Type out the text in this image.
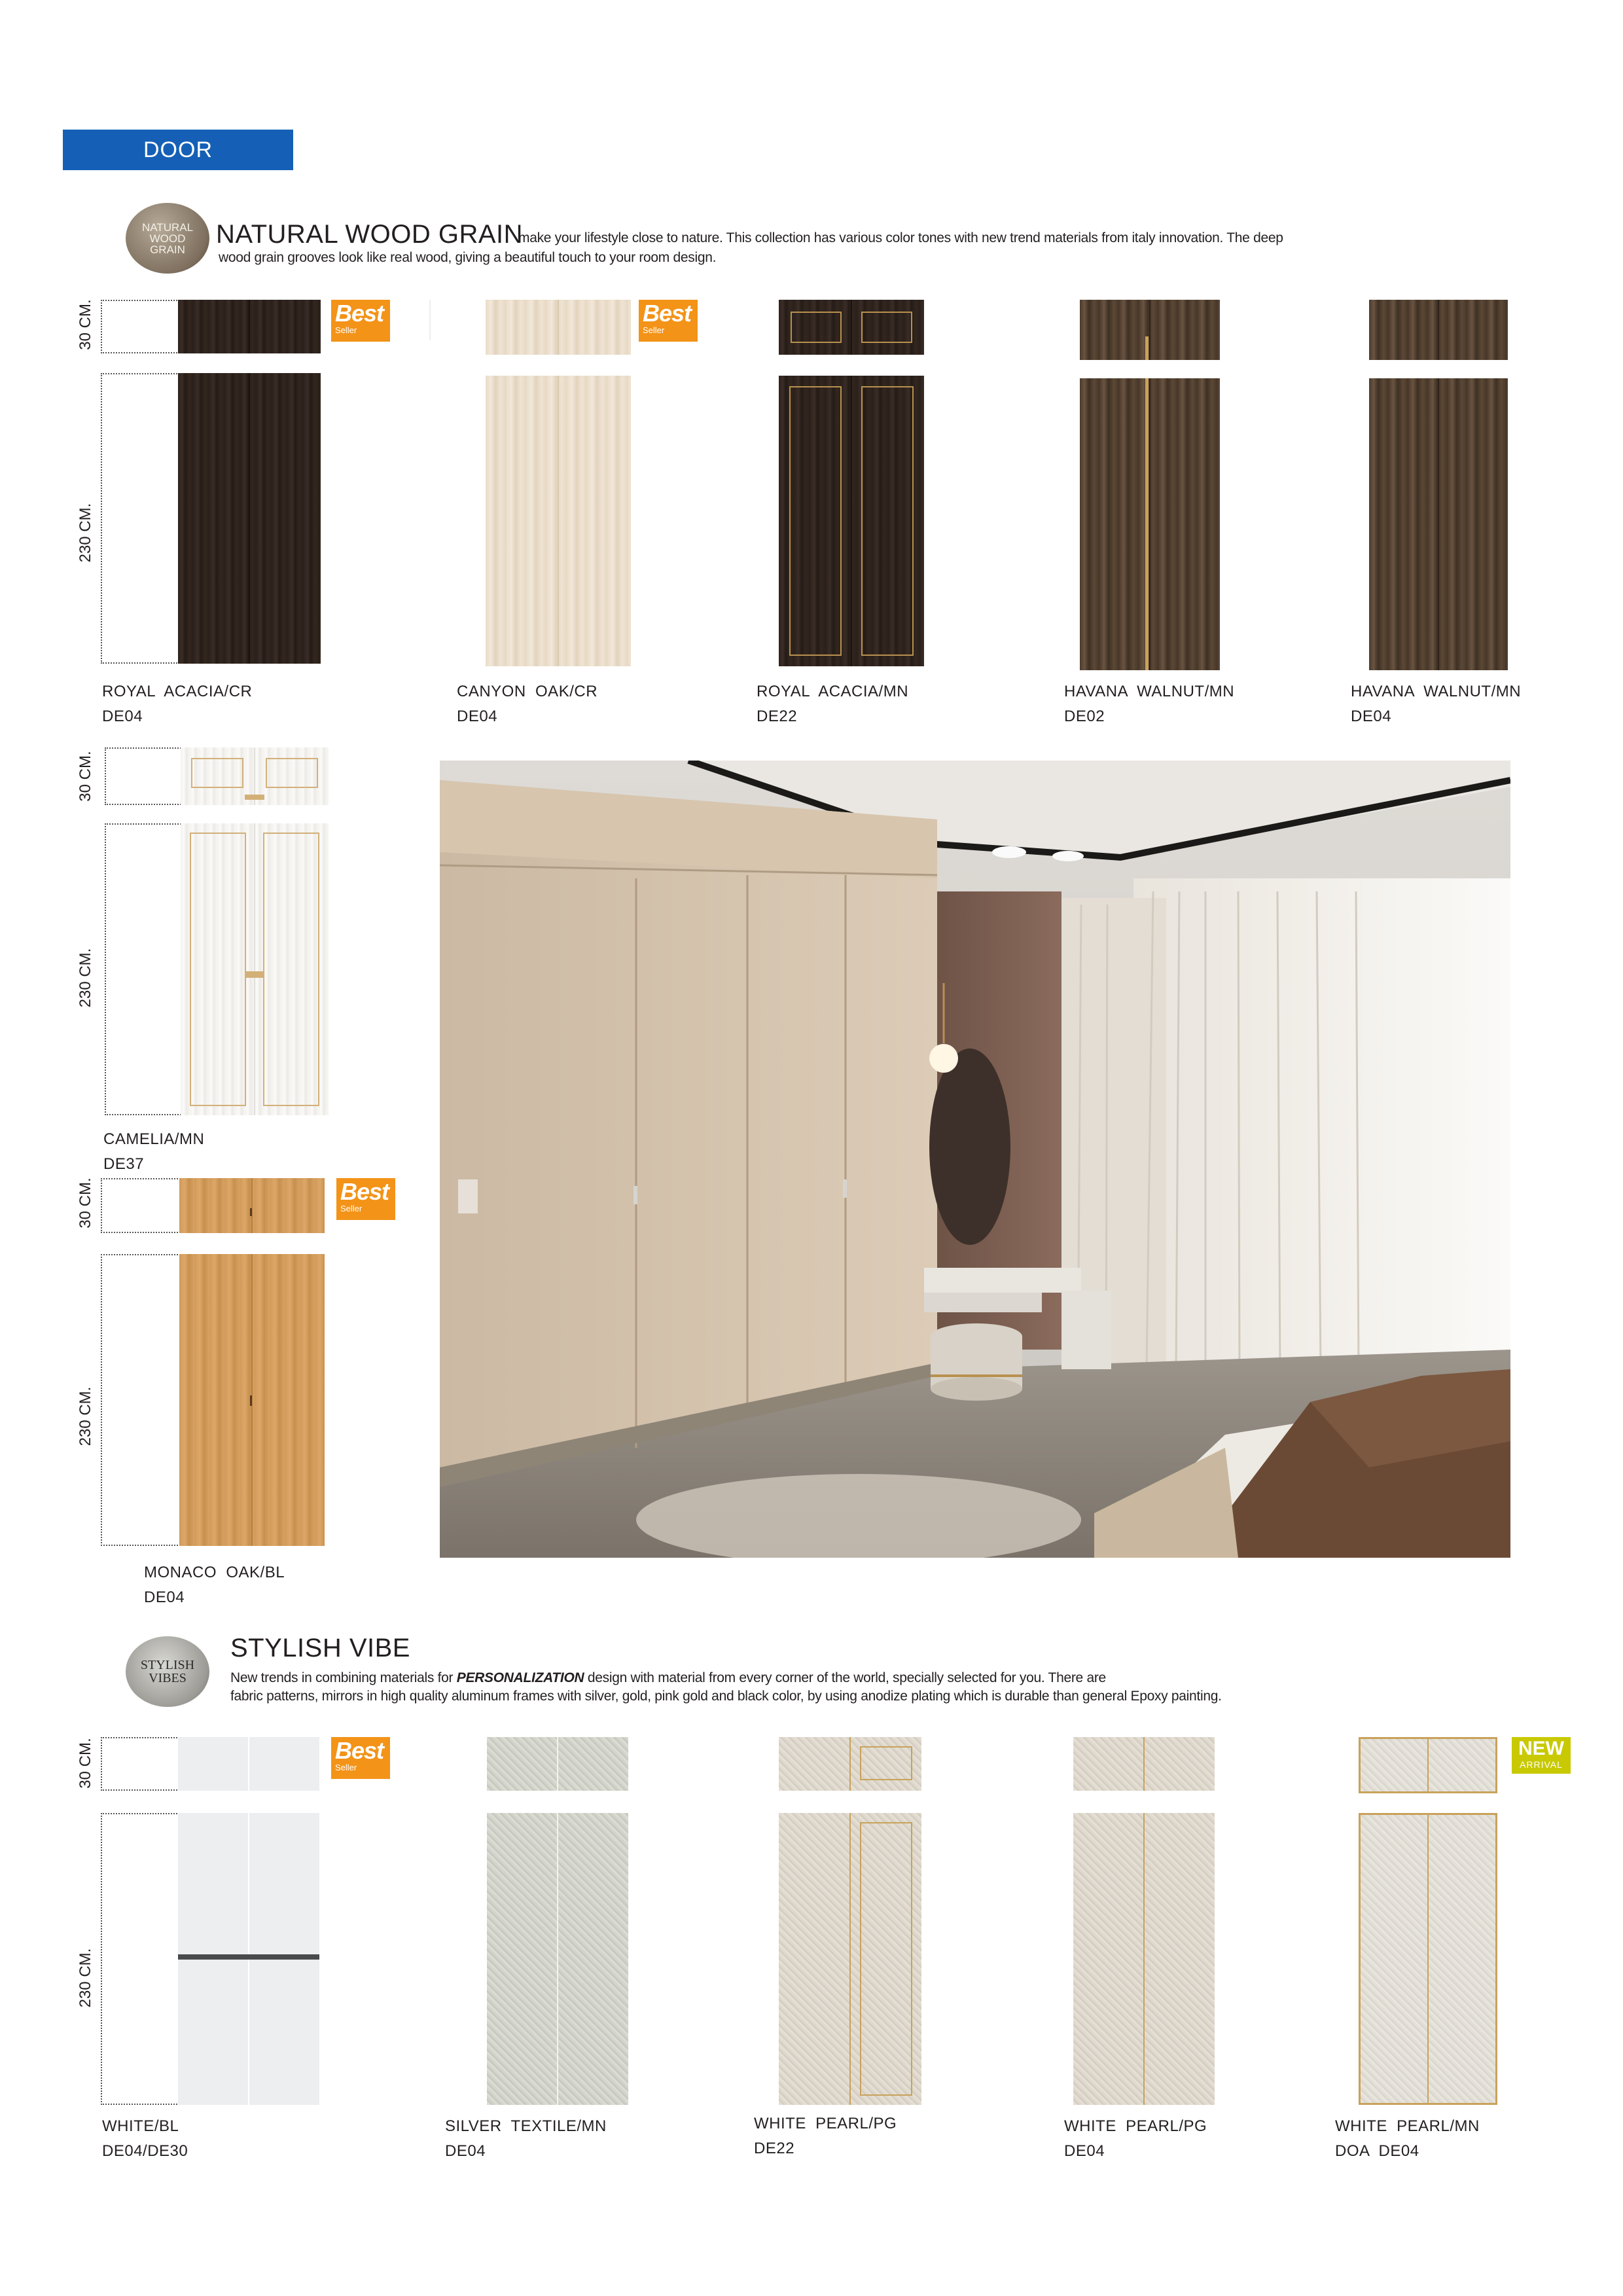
DOOR
NATURAL
WOOD
GRAIN
NATURAL WOOD GRAIN
make your lifestyle close to nature. This collection has various color tones with new trend materials from italy innovation. The deep
wood grain grooves look like real wood, giving a beautiful touch to your room design.
30 CM.
230 CM.
Best
Seller
ROYAL  ACACIA/CR
DE04
Best
Seller
CANYON  OAK/CR
DE04
ROYAL  ACACIA/MN
DE22
HAVANA  WALNUT/MN
DE02
HAVANA  WALNUT/MN
DE04
30 CM.
230 CM.
CAMELIA/MN
DE37
30 CM.
230 CM.
Best
Seller
MONACO  OAK/BL
DE04
STYLISH
VIBES
STYLISH VIBE
New trends in combining materials for PERSONALIZATION design with material from every corner of the world, specially selected for you. There are
fabric patterns, mirrors in high quality aluminum frames with silver, gold, pink gold and black color, by using anodize plating which is durable than general Epoxy painting.
30 CM.
230 CM.
Best
Seller
WHITE/BL
DE04/DE30
SILVER  TEXTILE/MN
DE04
WHITE  PEARL/PG
DE22
WHITE  PEARL/PG
DE04
NEW
ARRIVAL
WHITE  PEARL/MN
DOA  DE04
